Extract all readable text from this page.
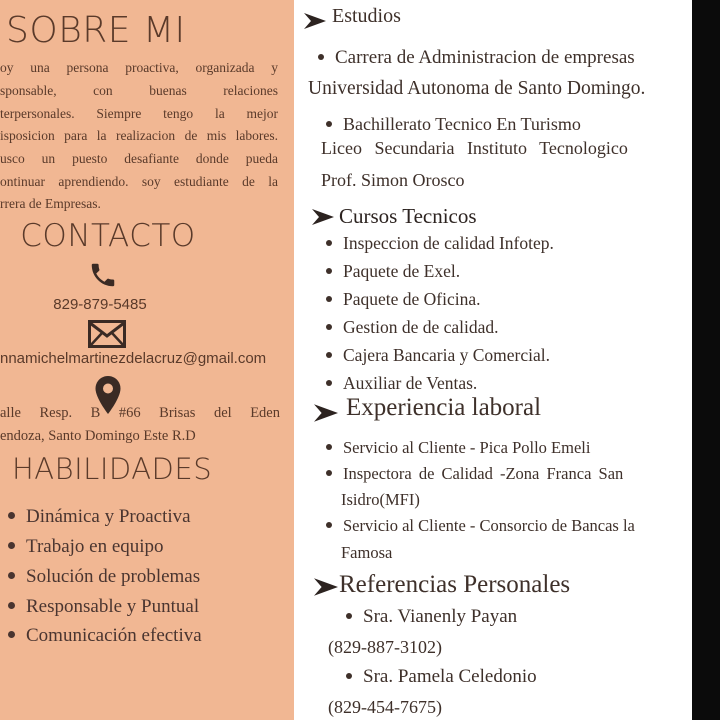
SOBRE MI
oy una persona proactiva, organizada y
sponsable, con buenas relaciones
terpersonales. Siempre tengo la mejor
isposicion para la realizacion de mis labores.
usco un puesto desafiante donde pueda
ontinuar aprendiendo. soy estudiante de la
rrera de Empresas.
CONTACTO
829-879-5485
nnamichelmartinezdelacruz@gmail.com
alle Resp. B #66 Brisas del Eden
endoza, Santo Domingo Este R.D
HABILIDADES
Dinámica y Proactiva
Trabajo en equipo
Solución de problemas
Responsable y Puntual
Comunicación efectiva
Estudios
Carrera de Administracion de empresas
Universidad Autonoma de Santo Domingo.
Bachillerato Tecnico En Turismo
Liceo Secundaria Instituto Tecnologico
Prof. Simon Orosco
Cursos Tecnicos
Inspeccion de calidad Infotep.
Paquete de Exel.
Paquete de Oficina.
Gestion de de calidad.
Cajera Bancaria y Comercial.
Auxiliar de Ventas.
Experiencia laboral
Servicio al Cliente - Pica Pollo Emeli
Inspectora de Calidad -Zona Franca San
Isidro(MFI)
Servicio al Cliente - Consorcio de Bancas la
Famosa
Referencias Personales
Sra. Vianenly Payan
(829-887-3102)
Sra. Pamela Celedonio
(829-454-7675)
